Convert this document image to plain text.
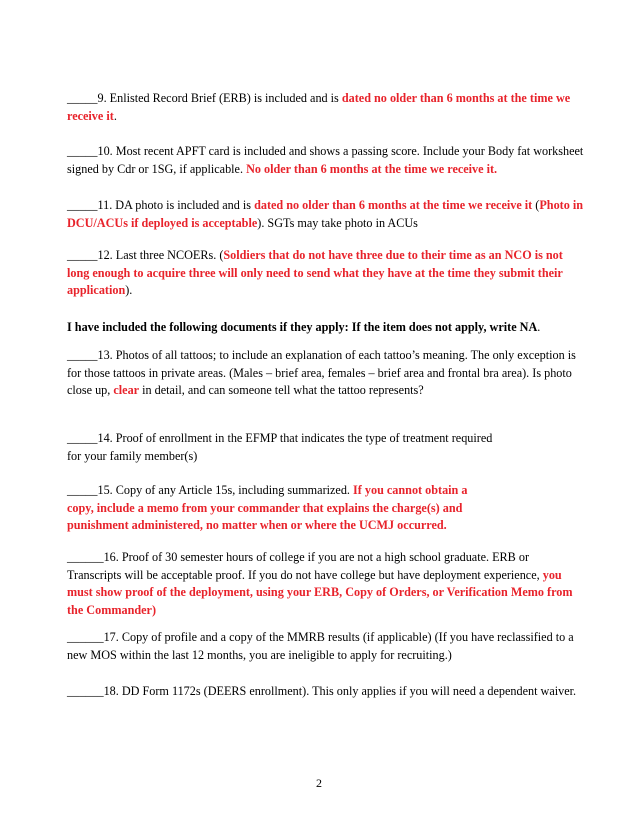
_____9. Enlisted Record Brief (ERB) is included and is dated no older than 6 months at the time we receive it.
_____10. Most recent APFT card is included and shows a passing score. Include your Body fat worksheet signed by Cdr or 1SG, if applicable. No older than 6 months at the time we receive it.
_____11. DA photo is included and is dated no older than 6 months at the time we receive it (Photo in DCU/ACUs if deployed is acceptable). SGTs may take photo in ACUs
_____12. Last three NCOERs. (Soldiers that do not have three due to their time as an NCO is not long enough to acquire three will only need to send what they have at the time they submit their application).
I have included the following documents if they apply: If the item does not apply, write NA.
_____13. Photos of all tattoos; to include an explanation of each tattoo’s meaning. The only exception is for those tattoos in private areas. (Males – brief area, females – brief area and frontal bra area). Is photo close up, clear in detail, and can someone tell what the tattoo represents?
_____14. Proof of enrollment in the EFMP that indicates the type of treatment required
for your family member(s)
_____15. Copy of any Article 15s, including summarized. If you cannot obtain a
copy, include a memo from your commander that explains the charge(s) and
punishment administered, no matter when or where the UCMJ occurred.
______16. Proof of 30 semester hours of college if you are not a high school graduate. ERB or Transcripts will be acceptable proof. If you do not have college but have deployment experience, you must show proof of the deployment, using your ERB, Copy of Orders, or Verification Memo from the Commander)
______17. Copy of profile and a copy of the MMRB results (if applicable) (If you have reclassified to a new MOS within the last 12 months, you are ineligible to apply for recruiting.)
______18. DD Form 1172s (DEERS enrollment). This only applies if you will need a dependent waiver.
2
